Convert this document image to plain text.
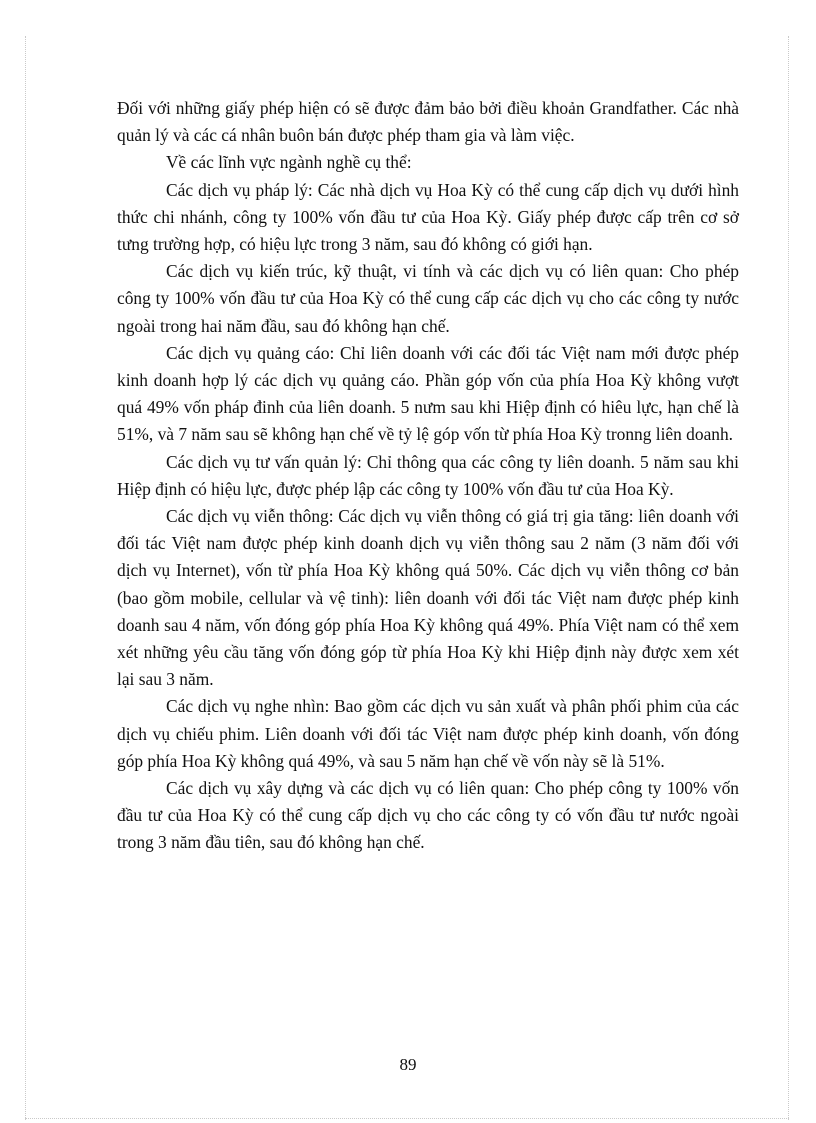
Đối với những giấy phép hiện có sẽ được đảm bảo bởi điều khoản Grandfather. Các nhà quản lý và các cá nhân buôn bán được phép tham gia và làm việc.

Về các lĩnh vực ngành nghề cụ thể:

Các dịch vụ pháp lý: Các nhà dịch vụ Hoa Kỳ có thể cung cấp dịch vụ dưới hình thức chi nhánh, công ty 100% vốn đầu tư của Hoa Kỳ. Giấy phép được cấp trên cơ sở tưng trường hợp, có hiệu lực trong 3 năm, sau đó không có giới hạn.

Các dịch vụ kiến trúc, kỹ thuật, vi tính và các dịch vụ có liên quan: Cho phép công ty 100% vốn đầu tư của Hoa Kỳ có thể cung cấp các dịch vụ cho các công ty nước ngoài trong hai năm đầu, sau đó không hạn chế.

Các dịch vụ quảng cáo: Chỉ liên doanh với các đối tác Việt nam mới được phép kinh doanh hợp lý các dịch vụ quảng cáo. Phần góp vốn của phía Hoa Kỳ không vượt quá 49% vốn pháp đinh của liên doanh. 5 nưm sau khi Hiệp định có hiêu lực, hạn chế là 51%, và 7 năm sau sẽ không hạn chế về tỷ lệ góp vốn từ phía Hoa Kỳ tronng liên doanh.

Các dịch vụ tư vấn quản lý: Chỉ thông qua các công ty liên doanh. 5 năm sau khi Hiệp định có hiệu lực, được phép lập các công ty 100% vốn đầu tư của Hoa Kỳ.

Các dịch vụ viễn thông: Các dịch vụ viễn thông có giá trị gia tăng: liên doanh với đối tác Việt nam được phép kinh doanh dịch vụ viễn thông sau 2 năm (3 năm đối với dịch vụ Internet), vốn từ phía Hoa Kỳ không quá 50%. Các dịch vụ viễn thông cơ bản (bao gồm mobile, cellular và vệ tinh): liên doanh với đối tác Việt nam được phép kinh doanh sau 4 năm, vốn đóng góp phía Hoa Kỳ không quá 49%. Phía Việt nam có thể xem xét những yêu cầu tăng vốn đóng góp từ phía Hoa Kỳ khi Hiệp định này được xem xét lại sau 3 năm.

Các dịch vụ nghe nhìn: Bao gồm các dịch vu sản xuất và phân phối phim của các dịch vụ chiếu phim. Liên doanh với đối tác Việt nam được phép kinh doanh, vốn đóng góp phía Hoa Kỳ không quá 49%, và sau 5 năm hạn chế về vốn này sẽ là 51%.

Các dịch vụ xây dựng và các dịch vụ có liên quan: Cho phép công ty 100% vốn đầu tư của Hoa Kỳ có thể cung cấp dịch vụ cho các công ty có vốn đầu tư nước ngoài trong 3 năm đầu tiên, sau đó không hạn chế.

89
